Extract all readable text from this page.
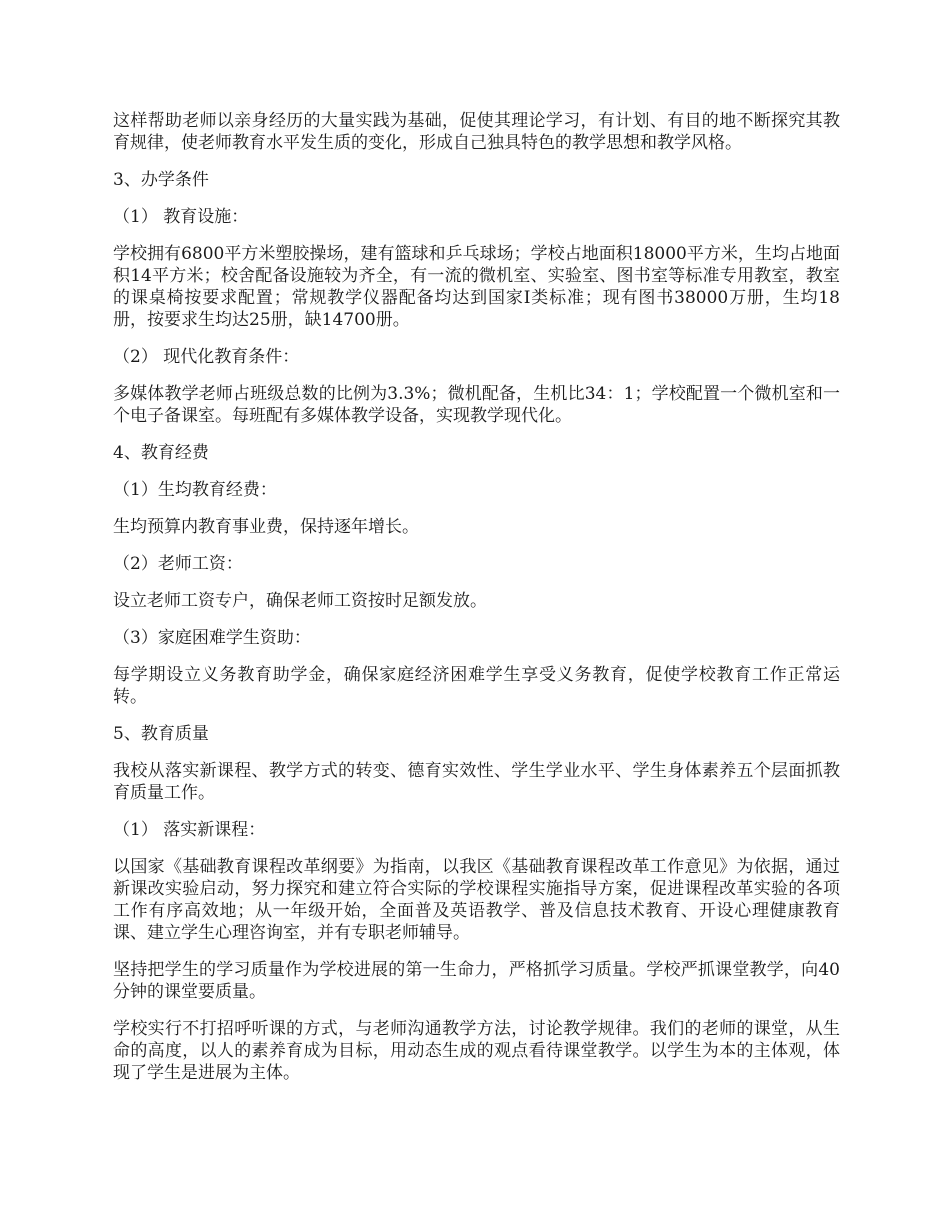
这样帮助老师以亲身经历的大量实践为基础，促使其理论学习，有计划、有目的地不断探究其教育规律，使老师教育水平发生质的变化，形成自己独具特色的教学思想和教学风格。

3、办学条件

（1） 教育设施：

学校拥有6800平方米塑胶操场，建有篮球和乒乓球场；学校占地面积18000平方米，生均占地面积14平方米；校舍配备设施较为齐全，有一流的微机室、实验室、图书室等标准专用教室，教室的课桌椅按要求配置；常规教学仪器配备均达到国家Ⅰ类标准；现有图书38000万册，生均18册，按要求生均达25册，缺14700册。

（2） 现代化教育条件：

多媒体教学老师占班级总数的比例为3.3%；微机配备，生机比34：1；学校配置一个微机室和一个电子备课室。每班配有多媒体教学设备，实现教学现代化。

4、教育经费

（1）生均教育经费：

生均预算内教育事业费，保持逐年增长。

（2）老师工资：

设立老师工资专户，确保老师工资按时足额发放。

（3）家庭困难学生资助：

每学期设立义务教育助学金，确保家庭经济困难学生享受义务教育，促使学校教育工作正常运转。

5、教育质量

我校从落实新课程、教学方式的转变、德育实效性、学生学业水平、学生身体素养五个层面抓教育质量工作。

（1） 落实新课程：

以国家《基础教育课程改革纲要》为指南，以我区《基础教育课程改革工作意见》为依据，通过新课改实验启动，努力探究和建立符合实际的学校课程实施指导方案，促进课程改革实验的各项工作有序高效地；从一年级开始，全面普及英语教学、普及信息技术教育、开设心理健康教育课、建立学生心理咨询室，并有专职老师辅导。

坚持把学生的学习质量作为学校进展的第一生命力，严格抓学习质量。学校严抓课堂教学，向40分钟的课堂要质量。

学校实行不打招呼听课的方式，与老师沟通教学方法，讨论教学规律。我们的老师的课堂，从生命的高度，以人的素养育成为目标，用动态生成的观点看待课堂教学。以学生为本的主体观，体现了学生是进展为主体。
